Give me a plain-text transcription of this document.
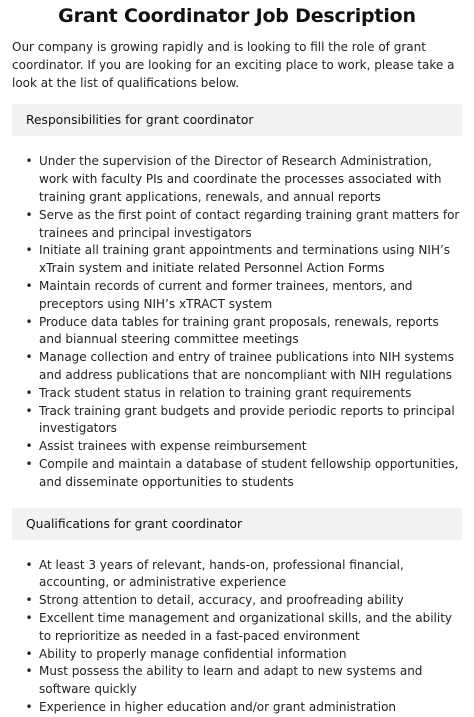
Grant Coordinator Job Description

Our company is growing rapidly and is looking to fill the role of grant coordinator. If you are looking for an exciting place to work, please take a look at the list of qualifications below.

Responsibilities for grant coordinator
• Under the supervision of the Director of Research Administration, work with faculty PIs and coordinate the processes associated with training grant applications, renewals, and annual reports
• Serve as the first point of contact regarding training grant matters for trainees and principal investigators
• Initiate all training grant appointments and terminations using NIH’s xTrain system and initiate related Personnel Action Forms
• Maintain records of current and former trainees, mentors, and preceptors using NIH’s xTRACT system
• Produce data tables for training grant proposals, renewals, reports and biannual steering committee meetings
• Manage collection and entry of trainee publications into NIH systems and address publications that are noncompliant with NIH regulations
• Track student status in relation to training grant requirements
• Track training grant budgets and provide periodic reports to principal investigators
• Assist trainees with expense reimbursement
• Compile and maintain a database of student fellowship opportunities, and disseminate opportunities to students
Qualifications for grant coordinator
• At least 3 years of relevant, hands-on, professional financial, accounting, or administrative experience
• Strong attention to detail, accuracy, and proofreading ability
• Excellent time management and organizational skills, and the ability to reprioritize as needed in a fast-paced environment
• Ability to properly manage confidential information
• Must possess the ability to learn and adapt to new systems and software quickly
• Experience in higher education and/or grant administration
